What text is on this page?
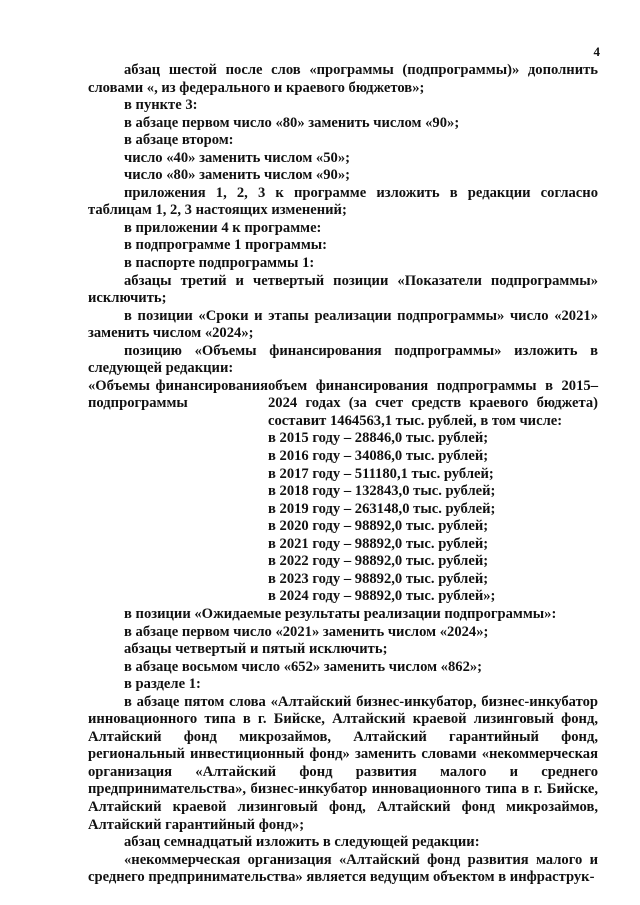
4

абзац шестой после слов «программы (подпрограммы)» дополнить словами «, из федерального и краевого бюджетов»;

в пункте 3:

в абзаце первом число «80» заменить числом «90»;

в абзаце втором:

число «40» заменить числом «50»;

число «80» заменить числом «90»;

приложения 1, 2, 3 к программе изложить в редакции согласно таблицам 1, 2, 3 настоящих изменений;

в приложении 4 к программе:

в подпрограмме 1 программы:

в паспорте подпрограммы 1:

абзацы третий и четвертый позиции «Показатели подпрограммы» исключить;

в позиции «Сроки и этапы реализации подпрограммы» число «2021» заменить числом «2024»;

позицию «Объемы финансирования подпрограммы» изложить в следующей редакции:

«Объемы финансирования подпрограммы

объем финансирования подпрограммы в 2015–2024 годах (за счет средств краевого бюджета) составит 1464563,1 тыс. рублей, в том числе:

в 2015 году – 28846,0 тыс. рублей;

в 2016 году – 34086,0 тыс. рублей;

в 2017 году – 511180,1 тыс. рублей;

в 2018 году – 132843,0 тыс. рублей;

в 2019 году – 263148,0 тыс. рублей;

в 2020 году – 98892,0 тыс. рублей;

в 2021 году – 98892,0 тыс. рублей;

в 2022 году – 98892,0 тыс. рублей;

в 2023 году – 98892,0 тыс. рублей;

в 2024 году – 98892,0 тыс. рублей»;

в позиции «Ожидаемые результаты реализации подпрограммы»:

в абзаце первом число «2021» заменить числом «2024»;

абзацы четвертый и пятый исключить;

в абзаце восьмом число «652» заменить числом «862»;

в разделе 1:

в абзаце пятом слова «Алтайский бизнес-инкубатор, бизнес-инкубатор инновационного типа в г. Бийске, Алтайский краевой лизинговый фонд, Алтайский фонд микрозаймов, Алтайский гарантийный фонд, региональный инвестиционный фонд» заменить словами «некоммерческая организация «Алтайский фонд развития малого и среднего предпринимательства», бизнес-инкубатор инновационного типа в г. Бийске, Алтайский краевой лизинговый фонд, Алтайский фонд микрозаймов, Алтайский гарантийный фонд»;

абзац семнадцатый изложить в следующей редакции:

«некоммерческая организация «Алтайский фонд развития малого и среднего предпринимательства» является ведущим объектом в инфраструк-
